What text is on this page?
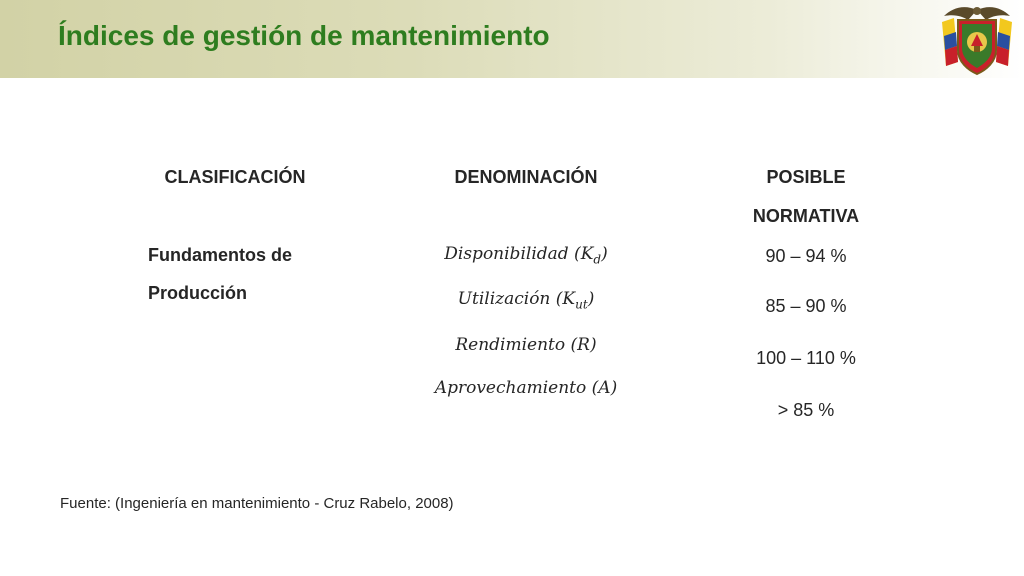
Índices de gestión de mantenimiento
CLASIFICACIÓN	DENOMINACIÓN	POSIBLE
NORMATIVA
Fundamentos de
Producción
Disponibilidad $(K_d)$
Utilización $(K_{ut})$
Rendimiento (R)
Aprovechamiento (A)
90 – 94 %
85 – 90 %
100 – 110 %
> 85 %
Fuente: (Ingeniería en mantenimiento - Cruz Rabelo, 2008)
